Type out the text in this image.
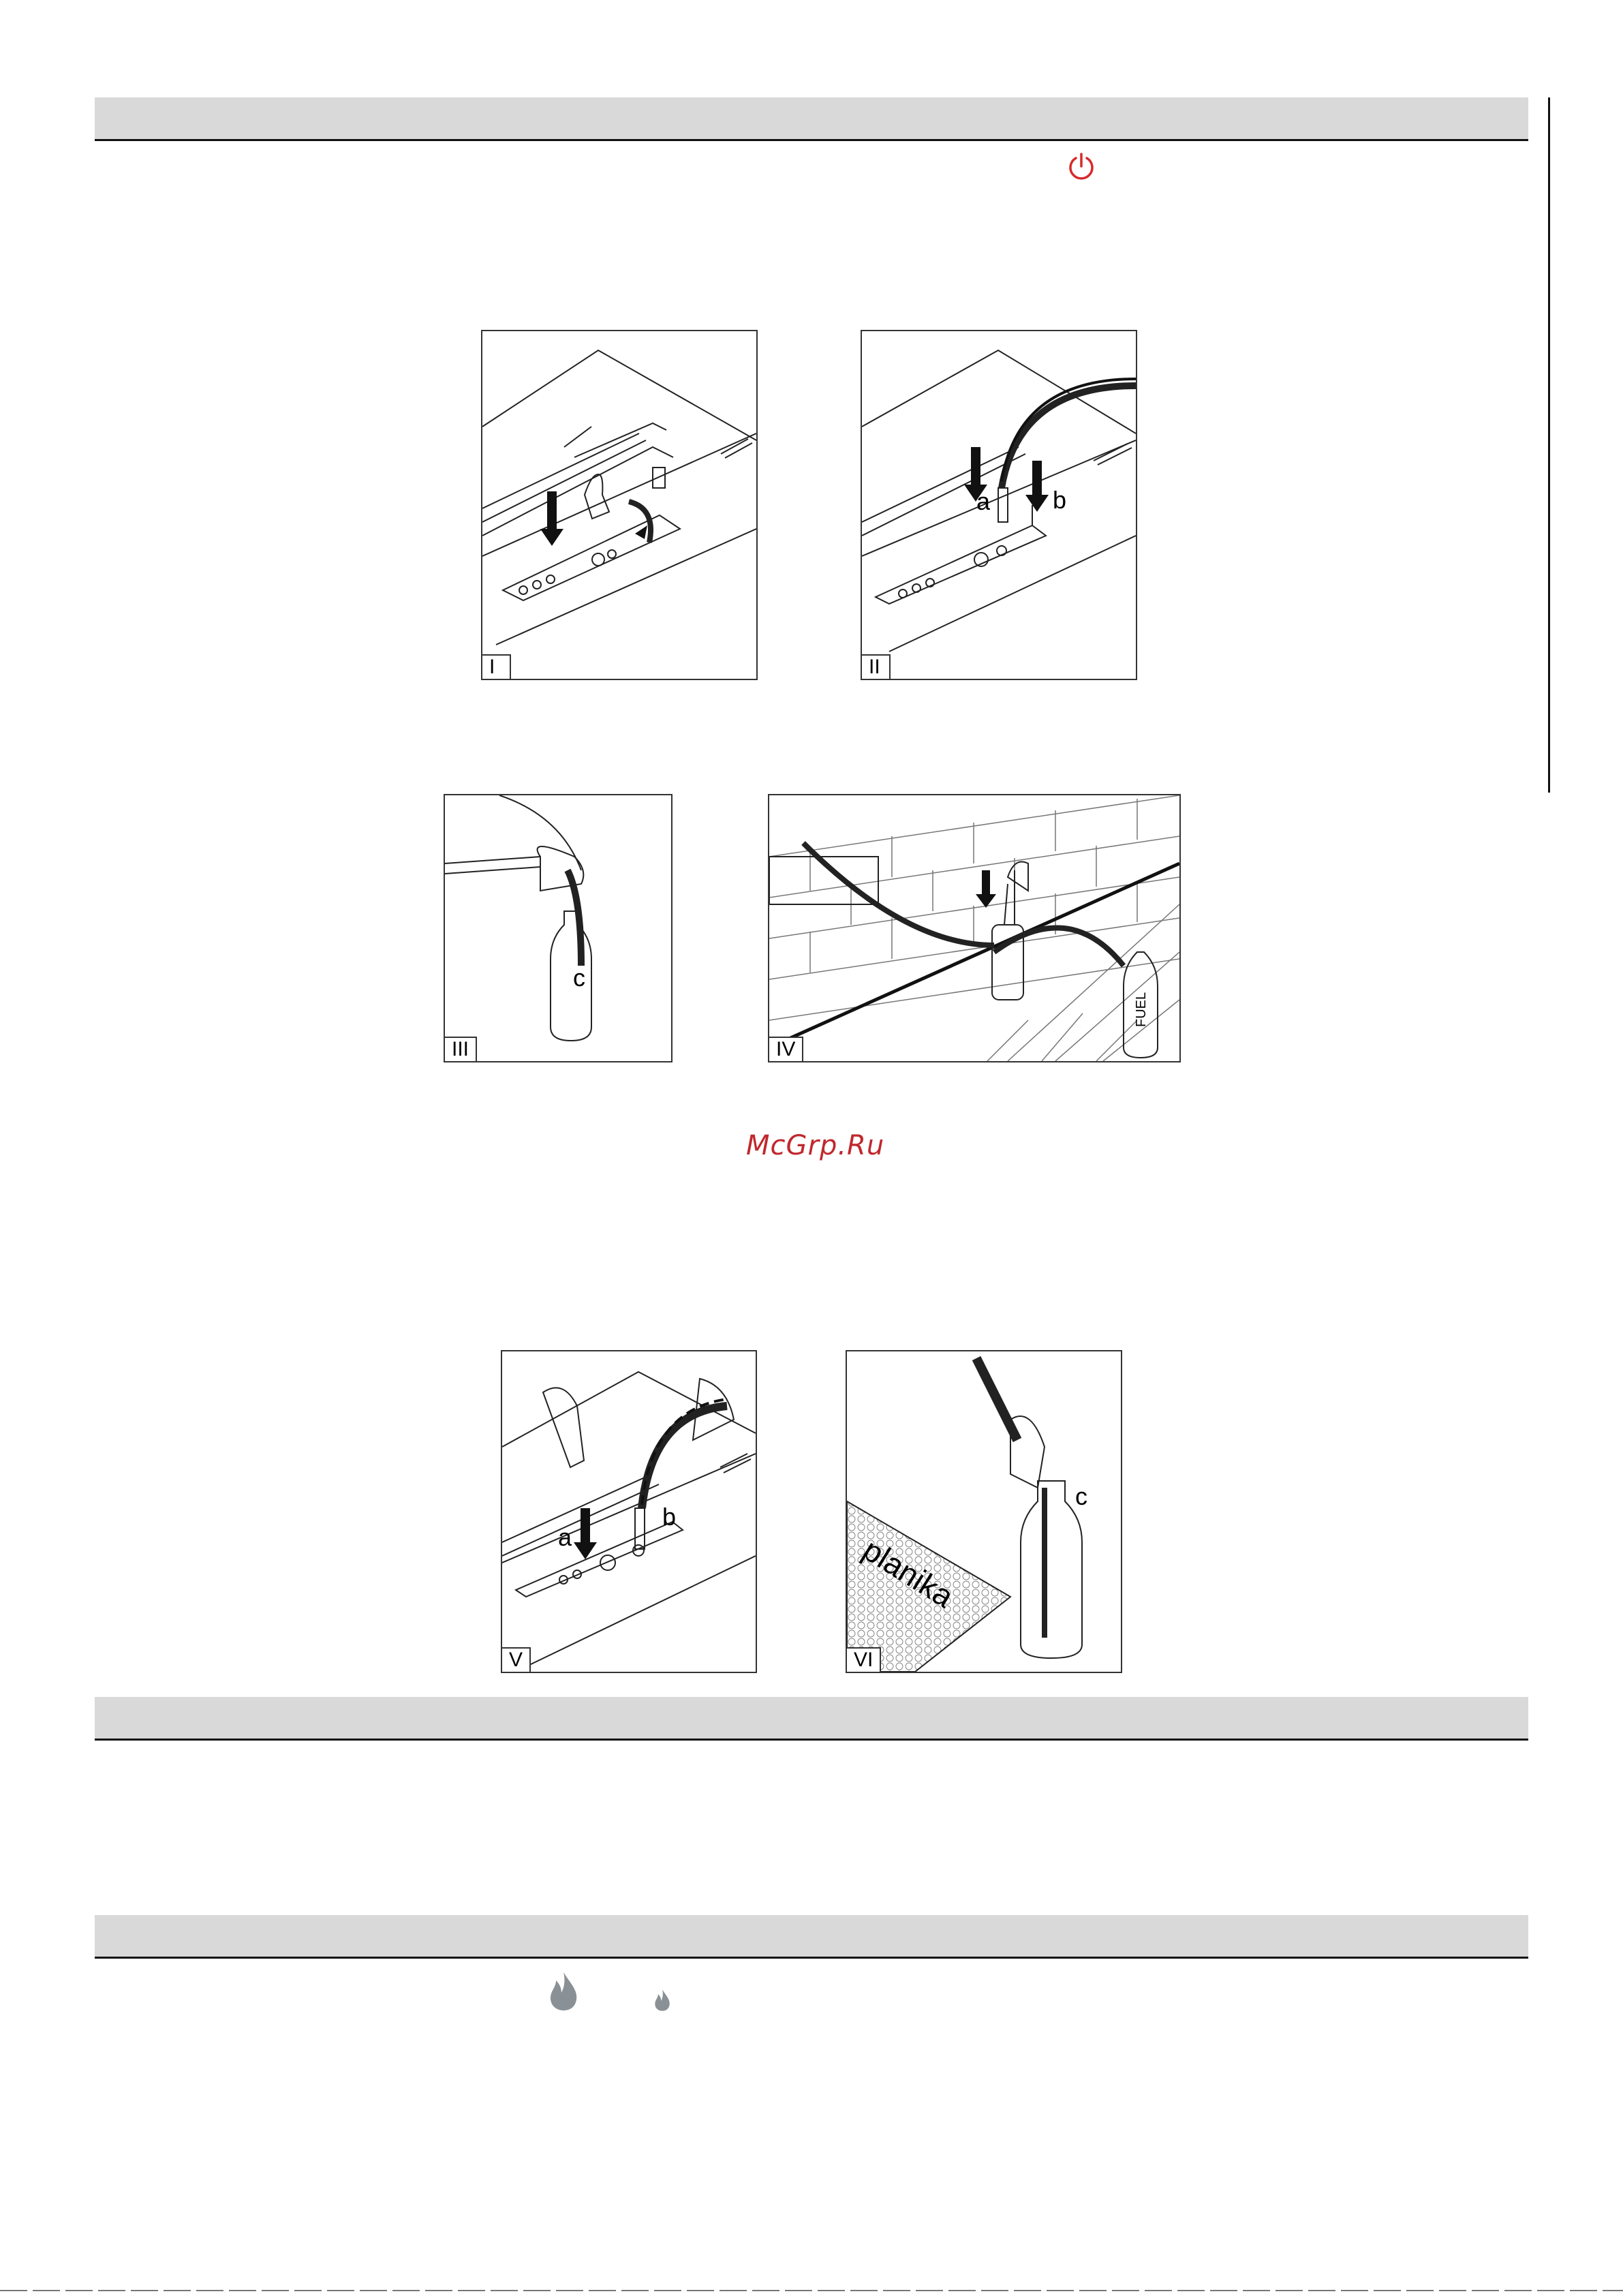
I
a	b
II
c
III
FUEL
IV
McGrp.Ru
a
b
V
c
planika
VI
